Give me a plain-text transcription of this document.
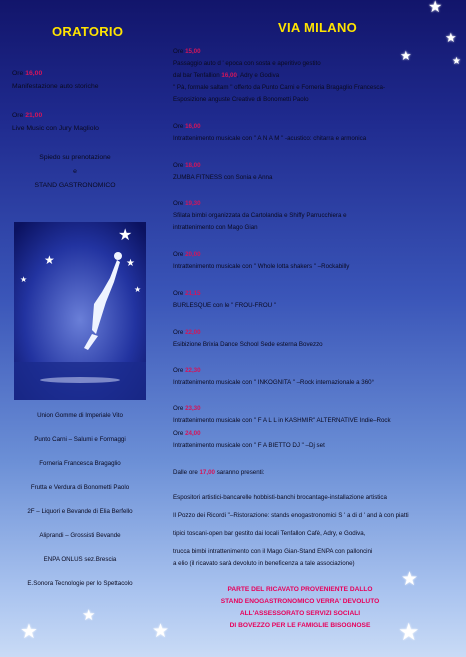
★
★
★	★
★
★
★
★
★
ORATORIO
Ore 16,00
Manifestazione auto storiche
Ore 21,00
Live Music con Jury Magliolo
Spiedo su prenotazione
e
STAND GASTRONOMICO
★
★
★
★
★
Union Gomme di Imperiale Vito
Punto Carni – Salumi e Formaggi
Forneria Francesca Bragaglio
Frutta e Verdura di Bonometti Paolo
2F – Liquori e Bevande di Elia Berfello
Aliprandi – Grossisti Bevande
ENPA ONLUS sez.Brescia
E.Sonora Tecnologie per lo Spettacolo
VIA MILANO
Ore 15,00
Passaggio auto d ' epoca con sosta e aperitivo gestito
dal bar Tenfallion 16,00, Adry e Godiva
" Pà, formale saltam " offerto da Punto Carni e Forneria Bragaglio Francesca-
Esposizione anguste Creative di Bonometti Paolo
Ore 16,00
Intrattenimento musicale con " A N A M " -acustico: chitarra e armonica
Ore 18,00
ZUMBA FITNESS con Sonia e Anna
Ore 19,30
Sfilata bimbi organizzata da Cartolandia e Shiffy Parrucchiera e
intrattenimento con Mago Gian
Ore 20,00
Intrattenimento musicale con " Whole lotta shakers " –Rockabilly
Ore 21,15
BURLESQUE con le " FROU-FROU "
Ore 22,00
Esibizione Brixia Dance School Sede esterna Bovezzo
Ore 22,30
Intrattenimento musicale con " INKOGNITA " –Rock internazionale a 360°
Ore 23,30
Intrattenimento musicale con " F A L L in KASHMIR" ALTERNATIVE Indie–Rock
Ore 24,00
Intrattenimento musicale con " F A BIETTO DJ " –Dj set
Dalle ore 17,00 saranno presenti:
Espositori artistici-bancarelle hobbisti-banchi brocantage-installazione artistica
Il Pozzo dei Ricordi "–Ristorazione: stands enogastronomici S ' a di d ' and à con piatti
tipici toscani-open bar gestito dai locali Tenfallon Cafè, Adry, e Godiva,
trucca bimbi intrattenimento con il Mago Gian-Stand ENPA con palloncini
a elio (il ricavato sarà devoluto in beneficenza a tale associazione)
PARTE DEL RICAVATO PROVENIENTE DALLO
STAND ENOGASTRONOMICO VERRA' DEVOLUTO
ALL'ASSESSORATO SERVIZI SOCIALI
DI BOVEZZO PER LE FAMIGLIE BISOGNOSE
